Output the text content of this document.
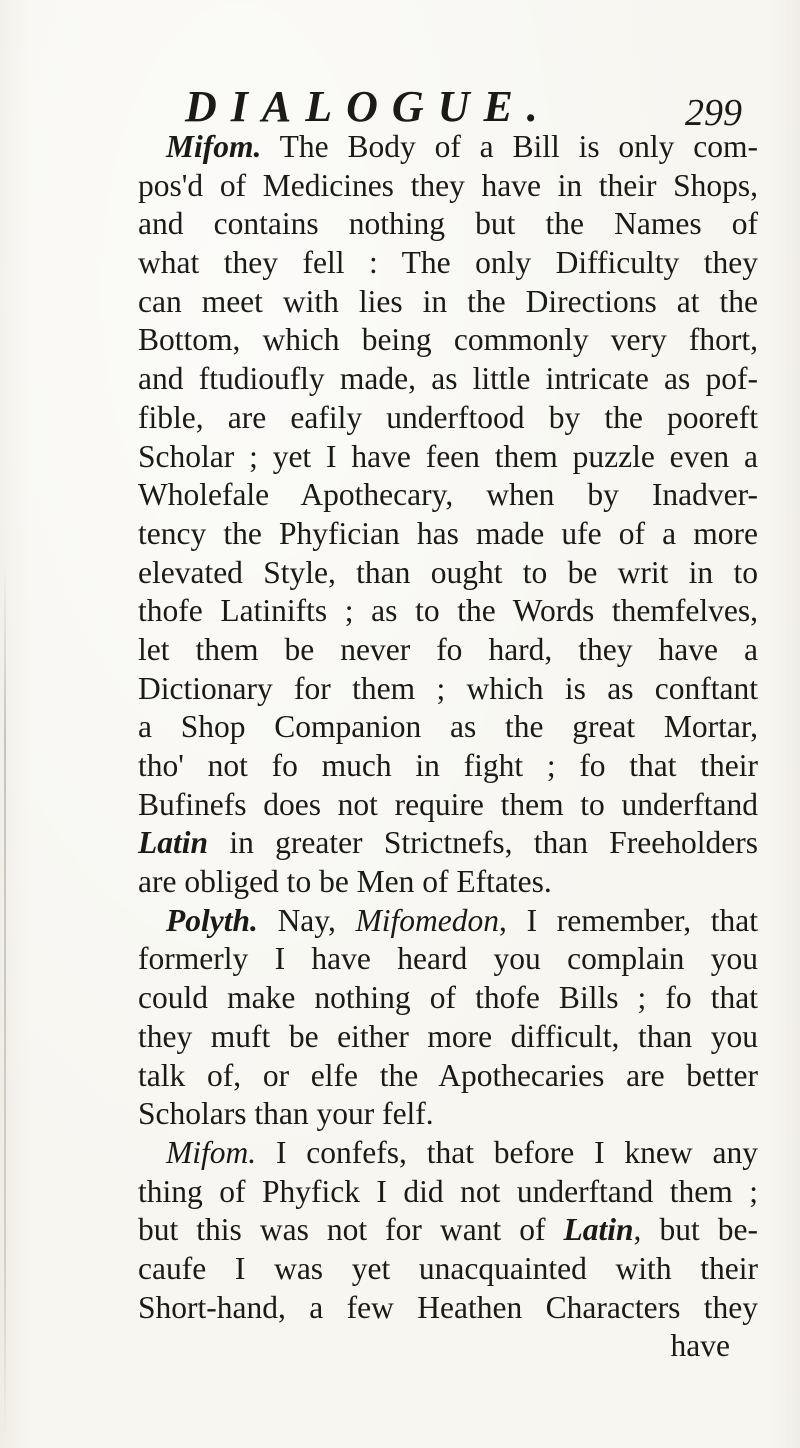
DIALOGUE.	299
Mifom. The Body of a Bill is only com-
pos'd of Medicines they have in their Shops,
and contains nothing but the Names of
what they fell : The only Difficulty they
can meet with lies in the Directions at the
Bottom, which being commonly very fhort,
and ftudioufly made, as little intricate as pof-
fible, are eafily underftood by the pooreft
Scholar ; yet I have feen them puzzle even a
Wholefale Apothecary, when by Inadver-
tency the Phyfician has made ufe of a more
elevated Style, than ought to be writ in to
thofe Latinifts ; as to the Words themfelves,
let them be never fo hard, they have a
Dictionary for them ; which is as conftant
a Shop Companion as the great Mortar,
tho' not fo much in fight ; fo that their
Bufinefs does not require them to underftand
Latin in greater Strictnefs, than Freeholders
are obliged to be Men of Eftates.
Polyth. Nay, Mifomedon, I remember, that
formerly I have heard you complain you
could make nothing of thofe Bills ; fo that
they muft be either more difficult, than you
talk of, or elfe the Apothecaries are better
Scholars than your felf.
Mifom. I confefs, that before I knew any
thing of Phyfick I did not underftand them ;
but this was not for want of Latin, but be-
caufe I was yet unacquainted with their
Short-hand, a few Heathen Characters they
have
